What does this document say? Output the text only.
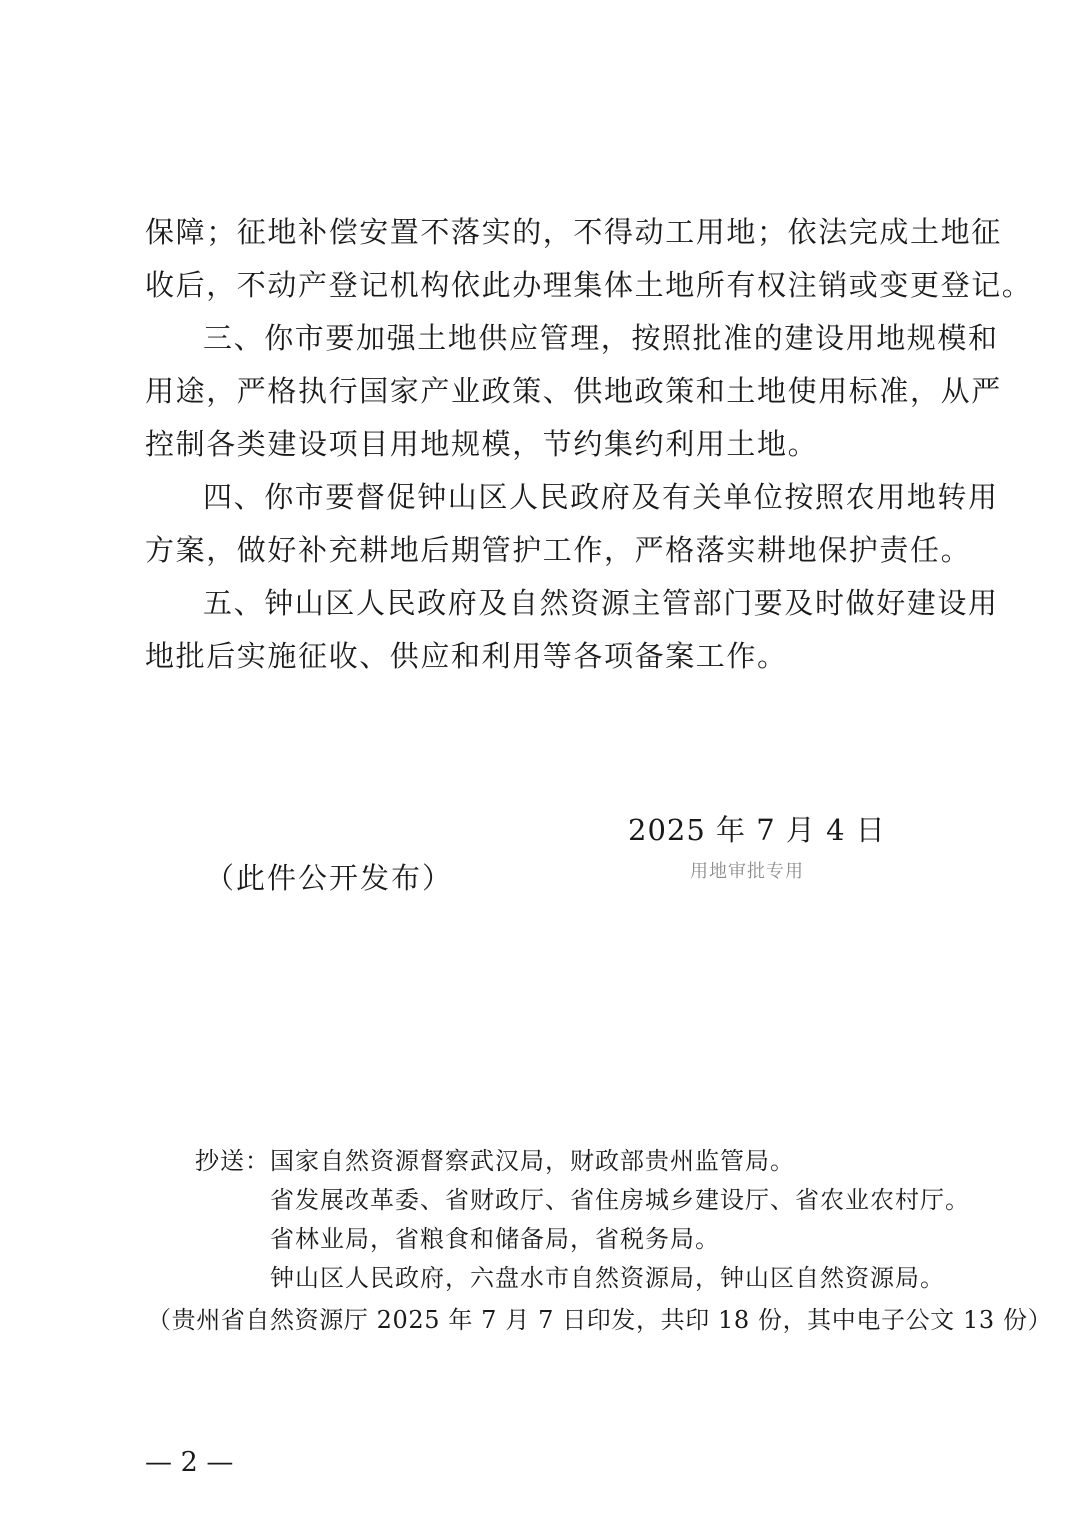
保障；征地补偿安置不落实的，不得动工用地；依法完成土地征
收后，不动产登记机构依此办理集体土地所有权注销或变更登记。
三、你市要加强土地供应管理，按照批准的建设用地规模和
用途，严格执行国家产业政策、供地政策和土地使用标准，从严
控制各类建设项目用地规模，节约集约利用土地。
四、你市要督促钟山区人民政府及有关单位按照农用地转用
方案，做好补充耕地后期管护工作，严格落实耕地保护责任。
五、钟山区人民政府及自然资源主管部门要及时做好建设用
地批后实施征收、供应和利用等各项备案工作。
2025 年 7 月 4 日
用地审批专用
（此件公开发布）
抄送：国家自然资源督察武汉局，财政部贵州监管局。
省发展改革委、省财政厅、省住房城乡建设厅、省农业农村厅。
省林业局，省粮食和储备局，省税务局。
钟山区人民政府，六盘水市自然资源局，钟山区自然资源局。
（贵州省自然资源厅 2025 年 7 月 7 日印发，共印 18 份，其中电子公文 13 份）
— 2 —
